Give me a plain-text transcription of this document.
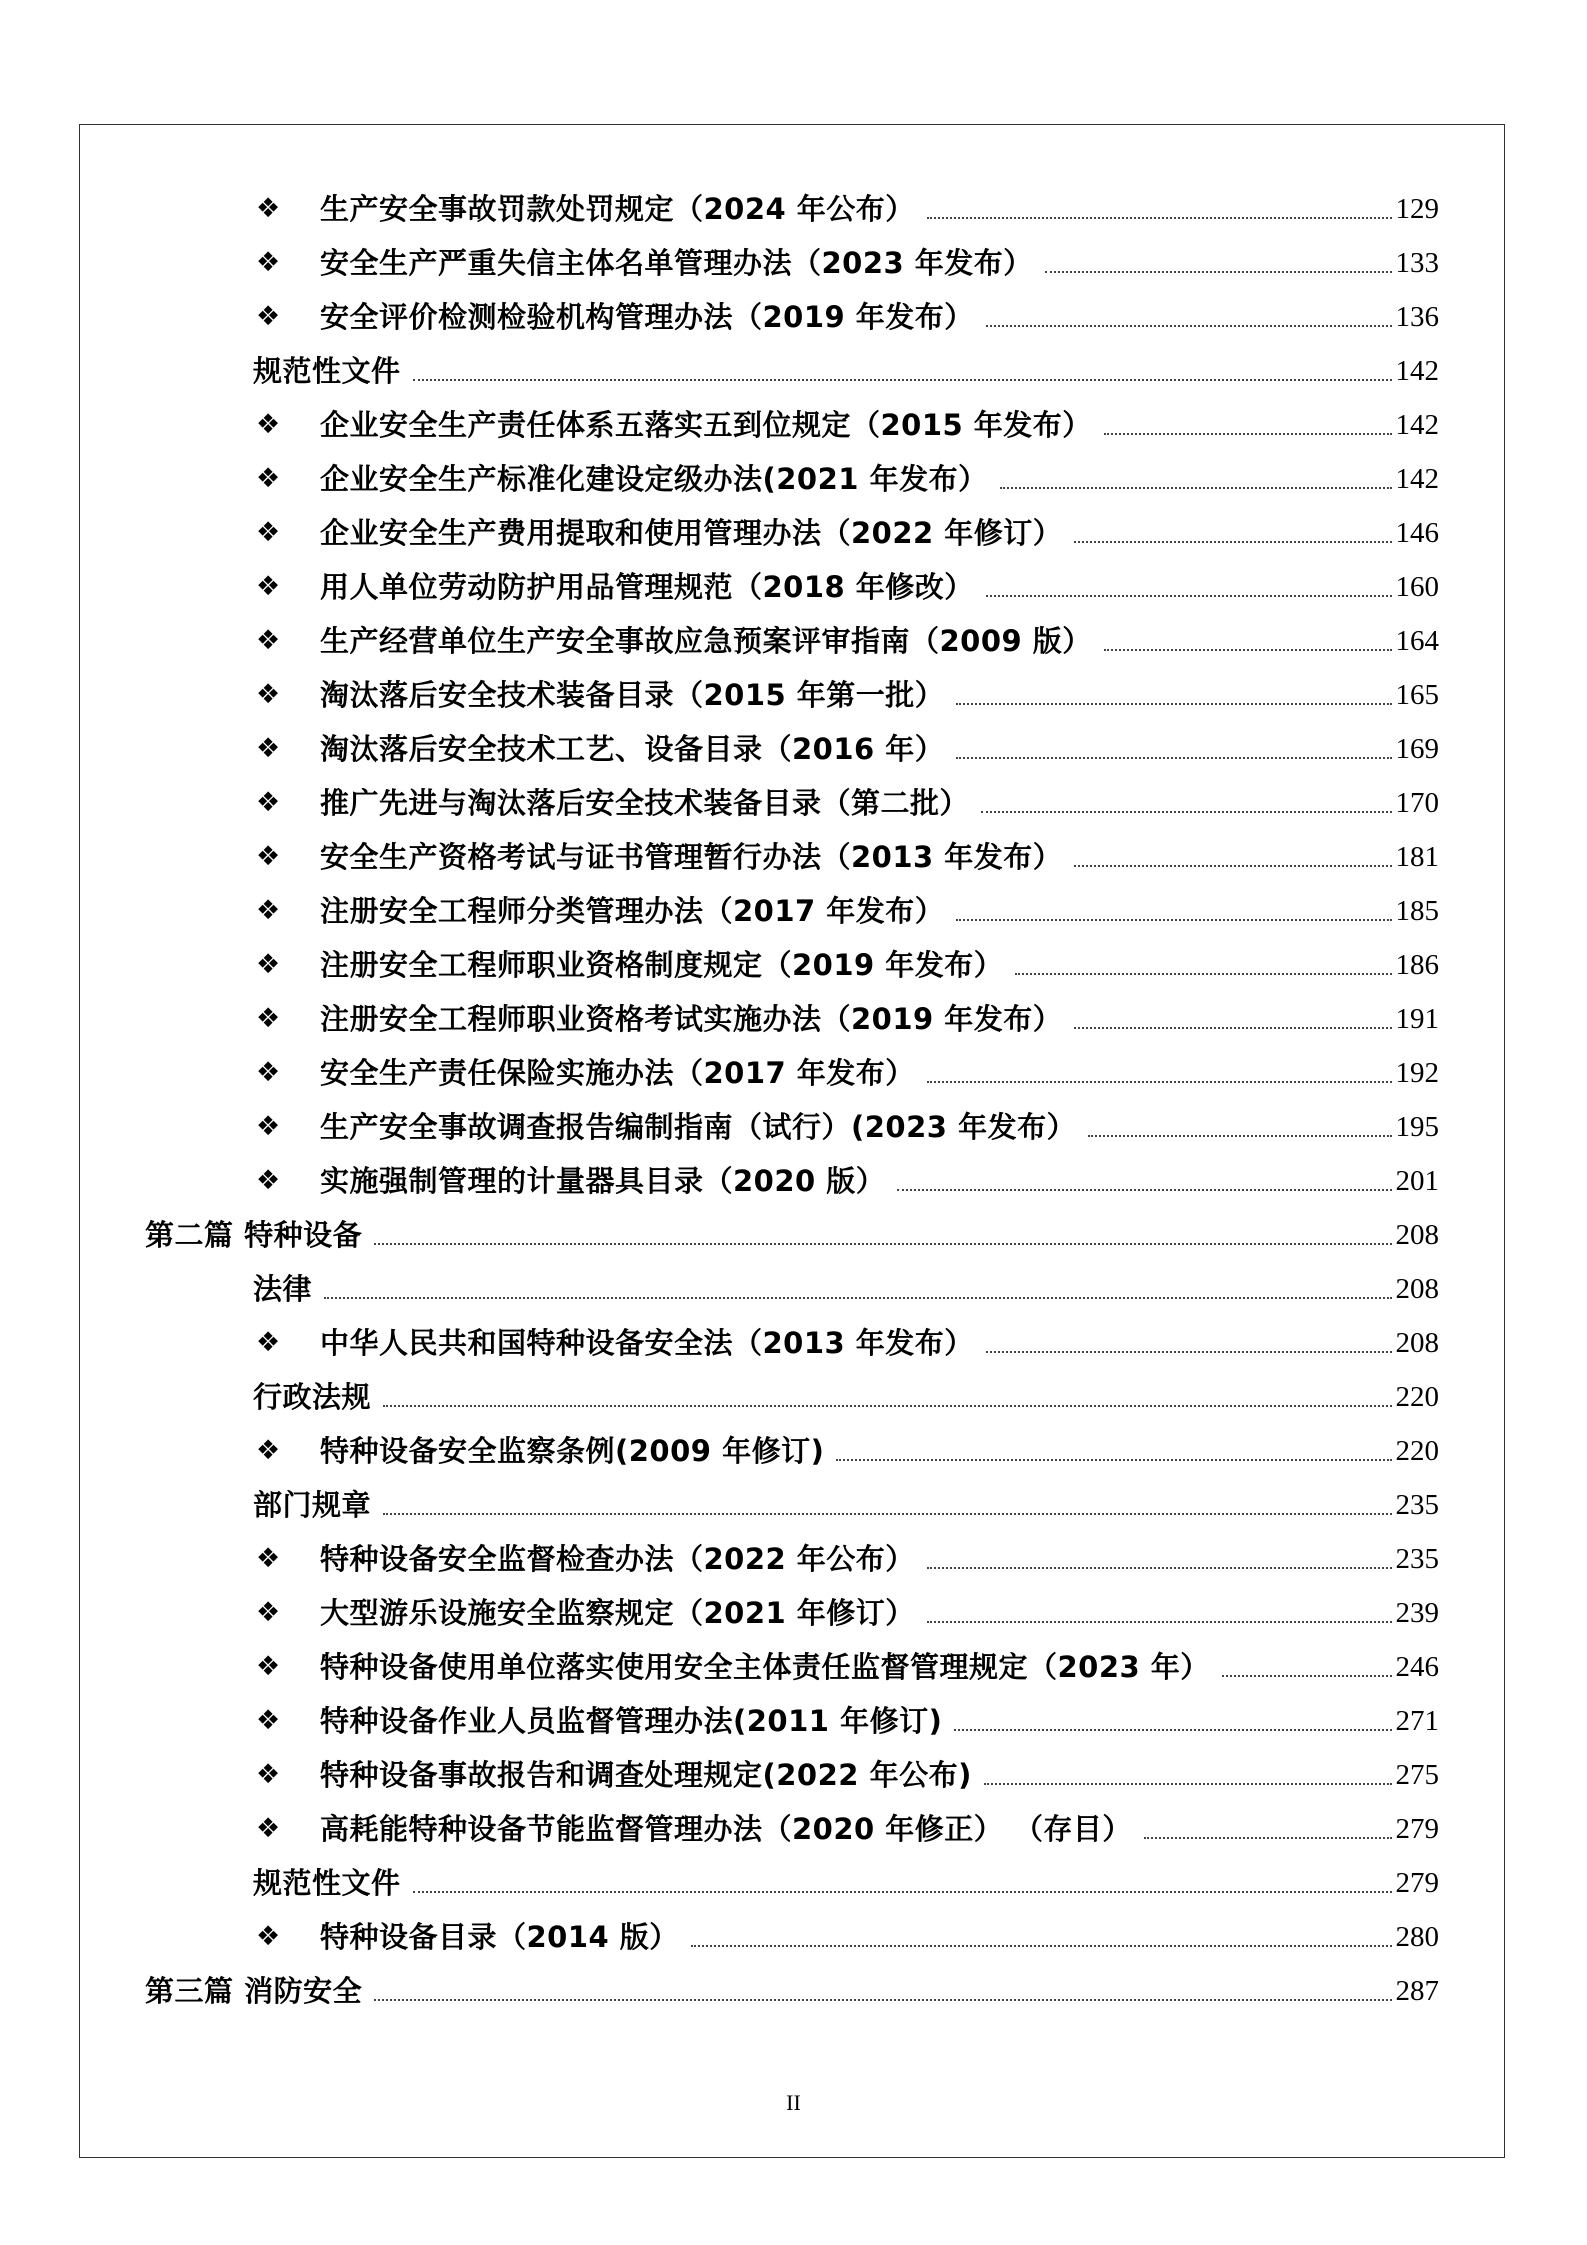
❖	生产安全事故罚款处罚规定（2024 年公布）	129
❖	安全生产严重失信主体名单管理办法（2023 年发布）	133
❖	安全评价检测检验机构管理办法（2019 年发布）	136
规范性文件	142
❖	企业安全生产责任体系五落实五到位规定（2015 年发布）	142
❖	企业安全生产标准化建设定级办法(2021 年发布）	142
❖	企业安全生产费用提取和使用管理办法（2022 年修订）	146
❖	用人单位劳动防护用品管理规范（2018 年修改）	160
❖	生产经营单位生产安全事故应急预案评审指南（2009 版）	164
❖	淘汰落后安全技术装备目录（2015 年第一批）	165
❖	淘汰落后安全技术工艺、设备目录（2016 年）	169
❖	推广先进与淘汰落后安全技术装备目录（第二批）	170
❖	安全生产资格考试与证书管理暂行办法（2013 年发布）	181
❖	注册安全工程师分类管理办法（2017 年发布）	185
❖	注册安全工程师职业资格制度规定（2019 年发布）	186
❖	注册安全工程师职业资格考试实施办法（2019 年发布）	191
❖	安全生产责任保险实施办法（2017 年发布）	192
❖	生产安全事故调查报告编制指南（试行）(2023 年发布）	195
❖	实施强制管理的计量器具目录（2020 版）	201
第二篇 特种设备	208
法律	208
❖	中华人民共和国特种设备安全法（2013 年发布）	208
行政法规	220
❖	特种设备安全监察条例(2009 年修订)	220
部门规章	235
❖	特种设备安全监督检查办法（2022 年公布）	235
❖	大型游乐设施安全监察规定（2021 年修订）	239
❖	特种设备使用单位落实使用安全主体责任监督管理规定（2023 年）	246
❖	特种设备作业人员监督管理办法(2011 年修订)	271
❖	特种设备事故报告和调查处理规定(2022 年公布)	275
❖	高耗能特种设备节能监督管理办法（2020 年修正） （存目）	279
规范性文件	279
❖	特种设备目录（2014 版）	280
第三篇 消防安全	287
II
